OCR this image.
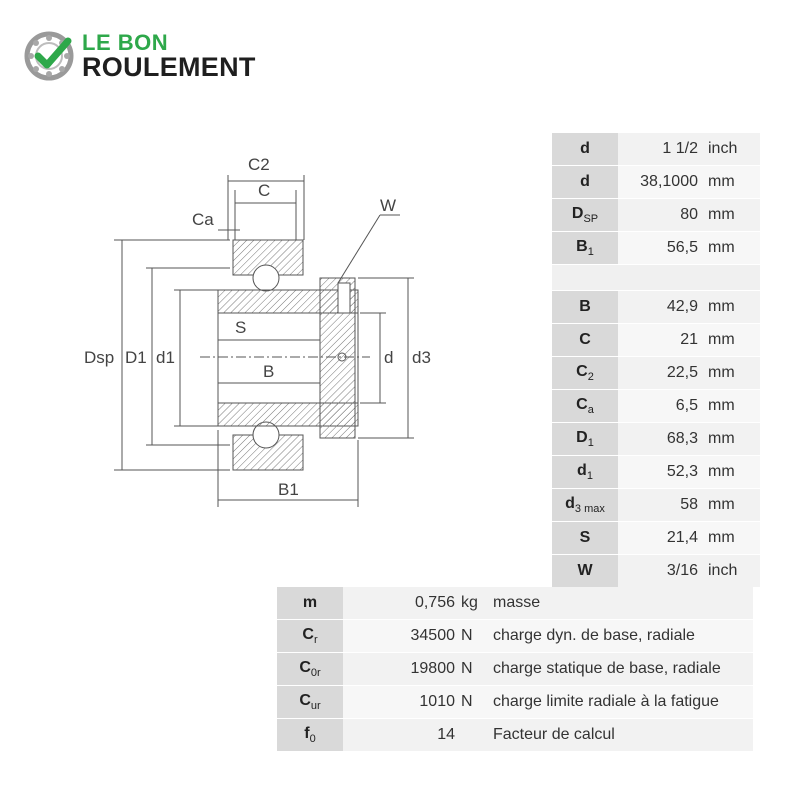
LE BON
ROULEMENT
C2
C
Ca
W
Dsp D1 d1
S
B
B1
d d3
d	1 1/2	inch
d	38,1000	mm
$D_{SP}$	80	mm
$B_1$	56,5	mm

B	42,9	mm
C	21	mm
$C_2$	22,5	mm
$C_a$	6,5	mm
$D_1$	68,3	mm
$d_1$	52,3	mm
$d_{3 max}$	58	mm
S	21,4	mm
W	3/16	inch
m	0,756	kg	masse
$C_r$	34500	N	charge dyn. de base, radiale
$C_{0r}$	19800	N	charge statique de base, radiale
$C_{ur}$	1010	N	charge limite radiale à la fatigue
$f_0$	14		Facteur de calcul
